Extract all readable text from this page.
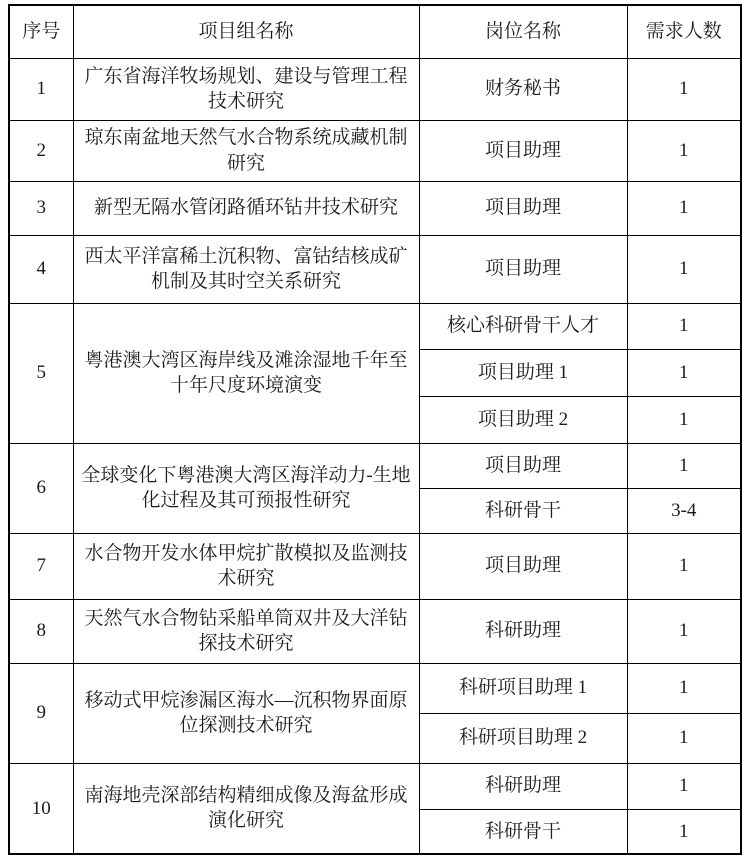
序号	项目组名称	岗位名称	需求人数
1	广东省海洋牧场规划、建设与管理工程技术研究	财务秘书	1
2	琼东南盆地天然气水合物系统成藏机制研究	项目助理	1
3	新型无隔水管闭路循环钻井技术研究	项目助理	1
4	西太平洋富稀土沉积物、富钴结核成矿机制及其时空关系研究	项目助理	1
5	粤港澳大湾区海岸线及滩涂湿地千年至十年尺度环境演变	核心科研骨干人才	1
		项目助理 1	1
		项目助理 2	1
6	全球变化下粤港澳大湾区海洋动力-生地化过程及其可预报性研究	项目助理	1
		科研骨干	3-4
7	水合物开发水体甲烷扩散模拟及监测技术研究	项目助理	1
8	天然气水合物钻采船单筒双井及大洋钻探技术研究	科研助理	1
9	移动式甲烷渗漏区海水—沉积物界面原位探测技术研究	科研项目助理 1	1
		科研项目助理 2	1
10	南海地壳深部结构精细成像及海盆形成演化研究	科研助理	1
		科研骨干	1
